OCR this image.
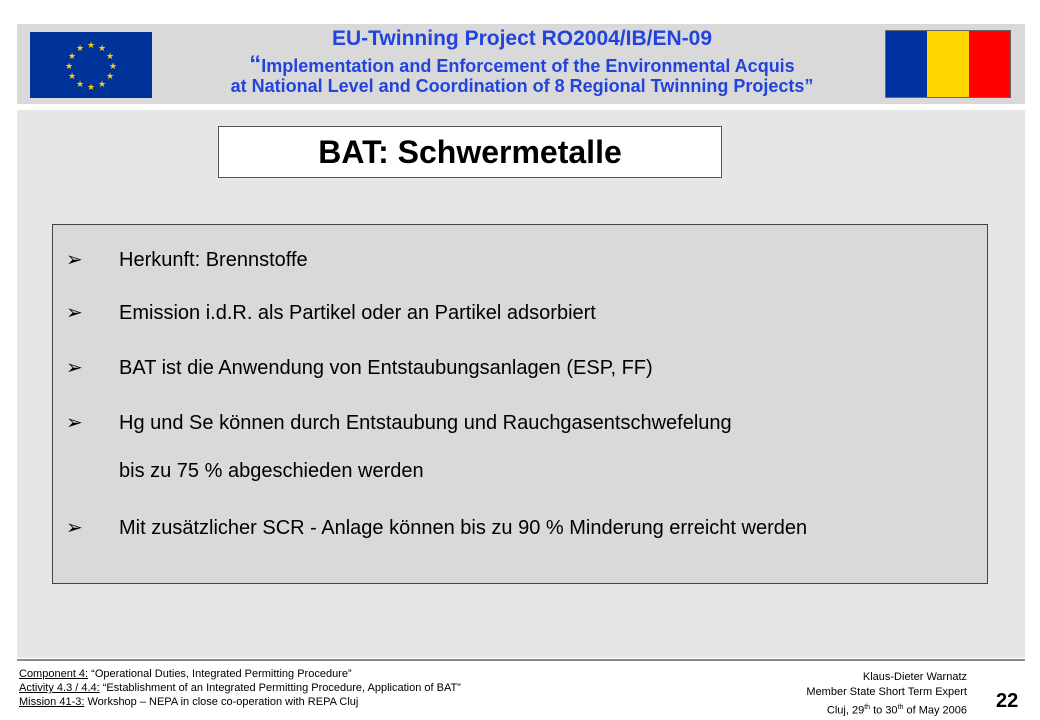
★ ★
★
★
★
★
★
★
★
★
★
★	EU-Twinning Project RO2004/IB/EN-09
“Implementation and Enforcement of the Environmental Acquis
at National Level and Coordination of 8 Regional Twinning Projects”
BAT: Schwermetalle
➢ Herkunft: Brennstoffe
➢ Emission i.d.R. als Partikel oder an Partikel adsorbiert
➢ BAT ist die Anwendung von Entstaubungsanlagen (ESP, FF)
➢ Hg und Se können durch Entstaubung und Rauchgasentschwefelung
bis zu 75 % abgeschieden werden
➢ Mit zusätzlicher SCR - Anlage können bis zu 90 % Minderung erreicht werden
Component 4: “Operational Duties, Integrated Permitting Procedure”
Activity 4.3 / 4.4: “Establishment of an Integrated Permitting Procedure, Application of BAT”
Mission 41-3: Workshop – NEPA in close co-operation with REPA Cluj
Klaus-Dieter Warnatz
Member State Short Term Expert
Cluj, 29th to 30th of May 2006 22
